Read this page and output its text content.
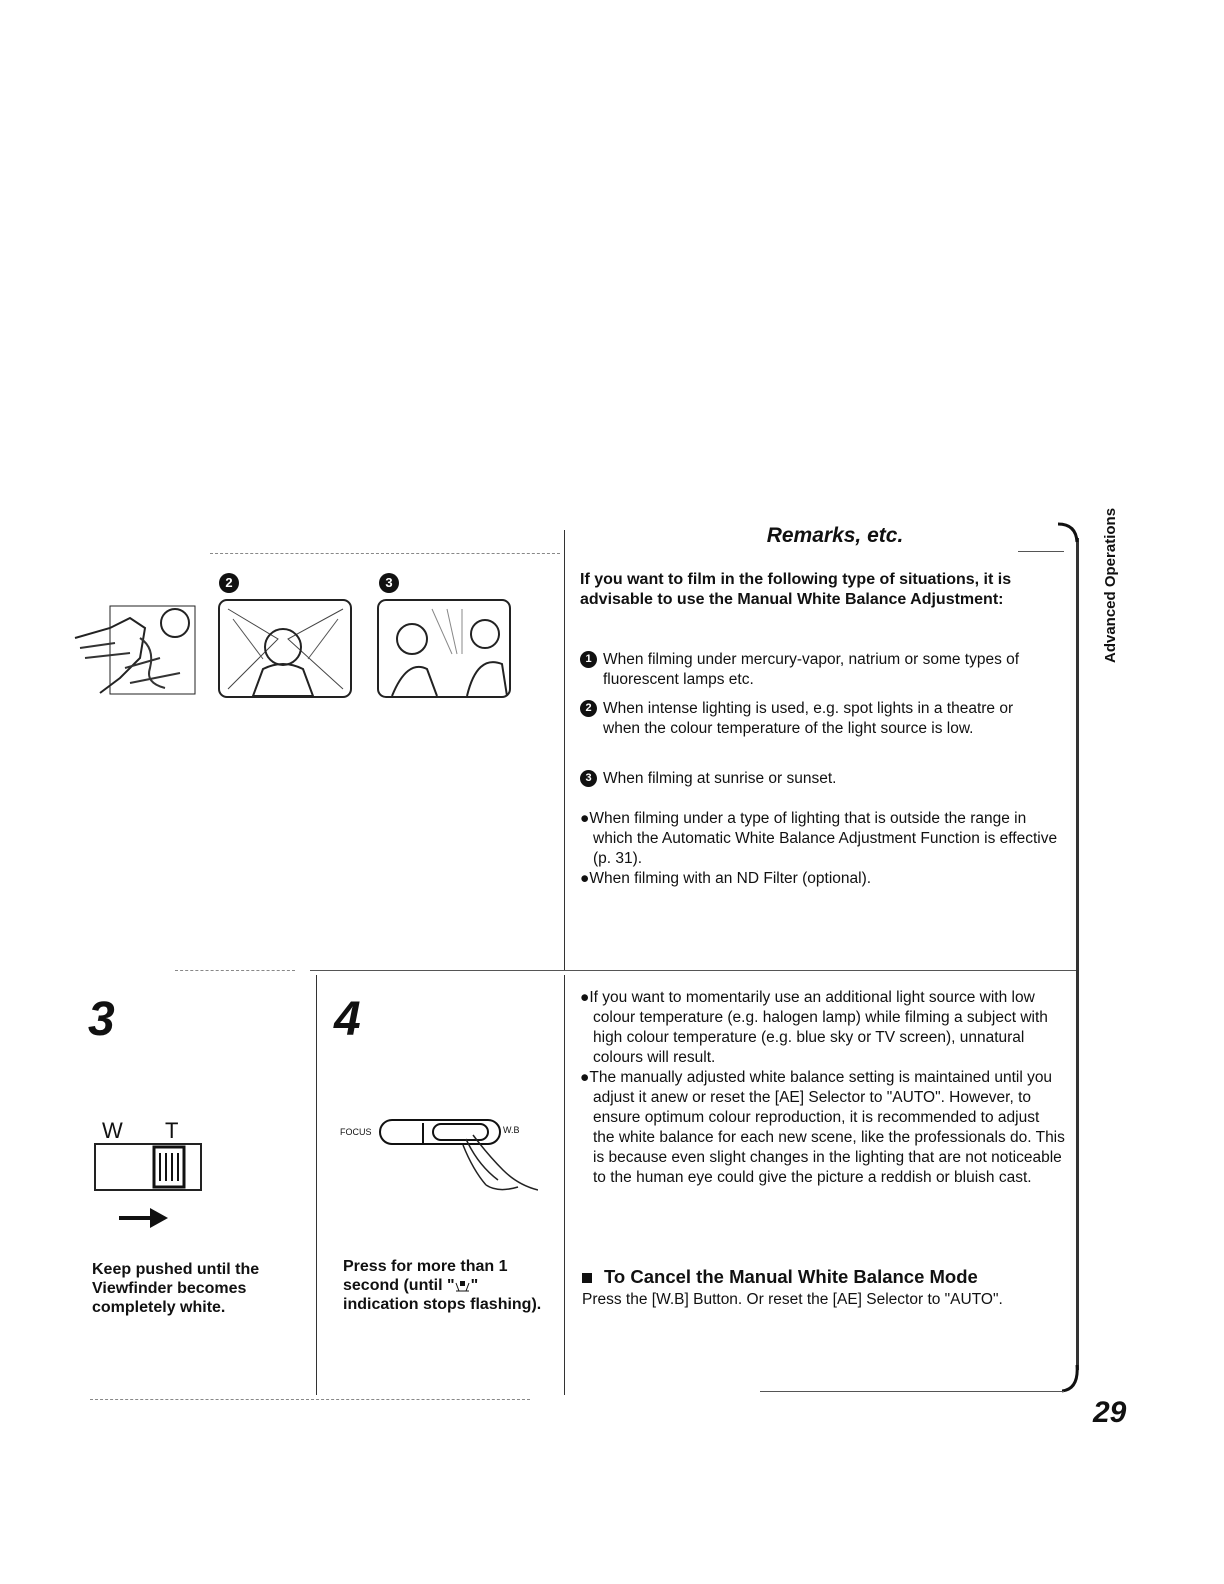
2	3
Remarks, etc.
If you want to film in the following type of situations, it is advisable to use the Manual White Balance Adjustment:
1 When filming under mercury-vapor, natrium or some types of fluorescent lamps etc.
2 When intense lighting is used, e.g. spot lights in a theatre or when the colour temperature of the light source is low.
3 When filming at sunrise or sunset.

●When filming under a type of lighting that is outside the range in which the Automatic White Balance Adjustment Function is effective (p. 31).

●When filming with an ND Filter (optional).

3
W T
Keep pushed until the Viewfinder becomes completely white.
4
FOCUS	W.B
Press for more than 1 second (until " " indication stops flashing).

●If you want to momentarily use an additional light source with low colour temperature (e.g. halogen lamp) while filming a subject with high colour temperature (e.g. blue sky or TV screen), unnatural colours will result.

●The manually adjusted white balance setting is maintained until you adjust it anew or reset the [AE] Selector to "AUTO". However, to ensure optimum colour reproduction, it is recommended to adjust the white balance for each new scene, like the professionals do. This is because even slight changes in the lighting that are not noticeable to the human eye could give the picture a reddish or bluish cast.

To Cancel the Manual White Balance Mode
Press the [W.B] Button. Or reset the [AE] Selector to "AUTO".
Advanced Operations
29
